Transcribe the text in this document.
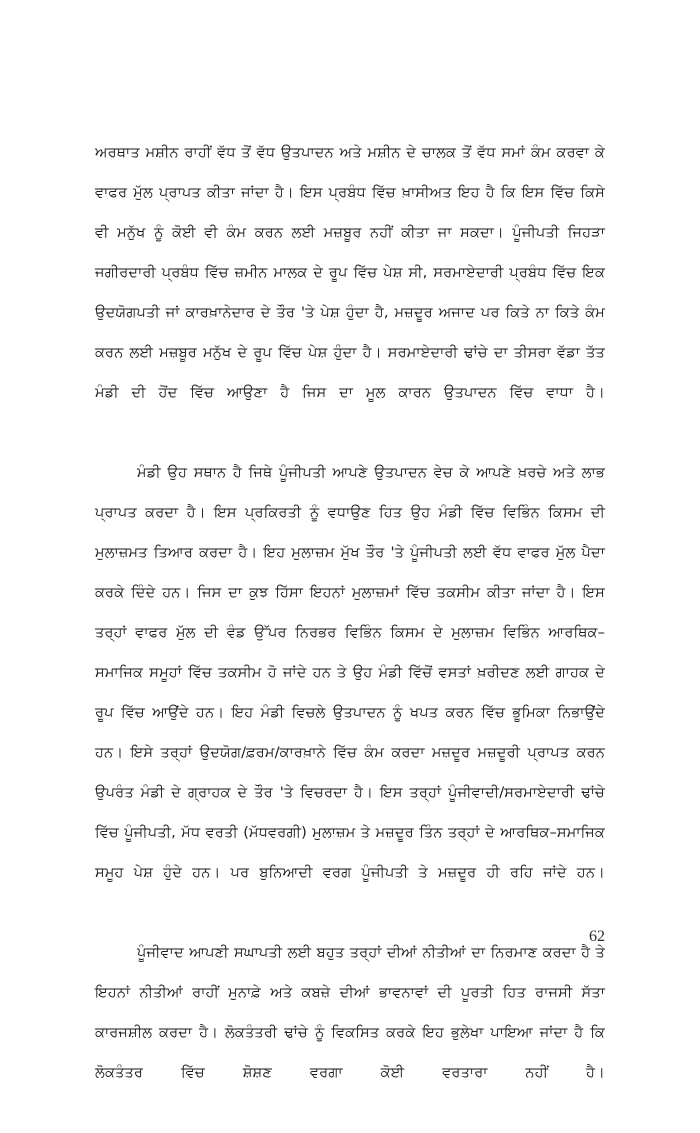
ਅਰਥਾਤ ਮਸ਼ੀਨ ਰਾਹੀਂ ਵੱਧ ਤੋਂ ਵੱਧ ਉਤਪਾਦਨ ਅਤੇ ਮਸ਼ੀਨ ਦੇ ਚਾਲਕ ਤੋਂ ਵੱਧ ਸਮਾਂ ਕੰਮ ਕਰਵਾ ਕੇ ਵਾਫਰ ਮੁੱਲ ਪ੍ਰਾਪਤ ਕੀਤਾ ਜਾਂਦਾ ਹੈ। ਇਸ ਪ੍ਰਬੰਧ ਵਿੱਚ ਖ਼ਾਸੀਅਤ ਇਹ ਹੈ ਕਿ ਇਸ ਵਿੱਚ ਕਿਸੇ ਵੀ ਮਨੁੱਖ ਨੂੰ ਕੋਈ ਵੀ ਕੰਮ ਕਰਨ ਲਈ ਮਜ਼ਬੂਰ ਨਹੀਂ ਕੀਤਾ ਜਾ ਸਕਦਾ। ਪੂੰਜੀਪਤੀ ਜਿਹੜਾ ਜਗੀਰਦਾਰੀ ਪ੍ਰਬੰਧ ਵਿੱਚ ਜ਼ਮੀਨ ਮਾਲਕ ਦੇ ਰੂਪ ਵਿੱਚ ਪੇਸ਼ ਸੀ, ਸਰਮਾਏਦਾਰੀ ਪ੍ਰਬੰਧ ਵਿੱਚ ਇਕ ਉਦਯੋਗਪਤੀ ਜਾਂ ਕਾਰਖ਼ਾਨੇਦਾਰ ਦੇ ਤੌਰ 'ਤੇ ਪੇਸ਼ ਹੁੰਦਾ ਹੈ, ਮਜ਼ਦੂਰ ਅਜਾਦ ਪਰ ਕਿਤੇ ਨਾ ਕਿਤੇ ਕੰਮ ਕਰਨ ਲਈ ਮਜ਼ਬੂਰ ਮਨੁੱਖ ਦੇ ਰੂਪ ਵਿੱਚ ਪੇਸ਼ ਹੁੰਦਾ ਹੈ। ਸਰਮਾਏਦਾਰੀ ਢਾਂਚੇ ਦਾ ਤੀਸਰਾ ਵੱਡਾ ਤੱਤ ਮੰਡੀ ਦੀ ਹੋਂਦ ਵਿੱਚ ਆਉਣਾ ਹੈ ਜਿਸ ਦਾ ਮੂਲ ਕਾਰਨ ਉਤਪਾਦਨ ਵਿੱਚ ਵਾਧਾ ਹੈ।

ਮੰਡੀ ਉਹ ਸਥਾਨ ਹੈ ਜਿਥੇ ਪੂੰਜੀਪਤੀ ਆਪਣੇ ਉਤਪਾਦਨ ਵੇਚ ਕੇ ਆਪਣੇ ਖ਼ਰਚੇ ਅਤੇ ਲਾਭ ਪ੍ਰਾਪਤ ਕਰਦਾ ਹੈ। ਇਸ ਪ੍ਰਕਿਰਤੀ ਨੂੰ ਵਧਾਉਣ ਹਿਤ ਉਹ ਮੰਡੀ ਵਿੱਚ ਵਿਭਿੰਨ ਕਿਸਮ ਦੀ ਮੁਲਾਜ਼ਮਤ ਤਿਆਰ ਕਰਦਾ ਹੈ। ਇਹ ਮੁਲਾਜ਼ਮ ਮੁੱਖ ਤੌਰ 'ਤੇ ਪੂੰਜੀਪਤੀ ਲਈ ਵੱਧ ਵਾਫਰ ਮੁੱਲ ਪੈਦਾ ਕਰਕੇ ਦਿੰਦੇ ਹਨ। ਜਿਸ ਦਾ ਕੁਝ ਹਿੱਸਾ ਇਹਨਾਂ ਮੁਲਾਜ਼ਮਾਂ ਵਿੱਚ ਤਕਸੀਮ ਕੀਤਾ ਜਾਂਦਾ ਹੈ। ਇਸ ਤਰ੍ਹਾਂ ਵਾਫਰ ਮੁੱਲ ਦੀ ਵੰਡ ਉੱਪਰ ਨਿਰਭਰ ਵਿਭਿੰਨ ਕਿਸਮ ਦੇ ਮੁਲਾਜ਼ਮ ਵਿਭਿੰਨ ਆਰਥਿਕ–ਸਮਾਜਿਕ ਸਮੂਹਾਂ ਵਿੱਚ ਤਕਸੀਮ ਹੋ ਜਾਂਦੇ ਹਨ ਤੇ ਉਹ ਮੰਡੀ ਵਿੱਚੋਂ ਵਸਤਾਂ ਖ਼ਰੀਦਣ ਲਈ ਗਾਹਕ ਦੇ ਰੂਪ ਵਿੱਚ ਆਉਂਦੇ ਹਨ। ਇਹ ਮੰਡੀ ਵਿਚਲੇ ਉਤਪਾਦਨ ਨੂੰ ਖਪਤ ਕਰਨ ਵਿੱਚ ਭੂਮਿਕਾ ਨਿਭਾਉਂਦੇ ਹਨ। ਇਸੇ ਤਰ੍ਹਾਂ ਉਦਯੋਗ/ਫ਼ਰਮ/ਕਾਰਖ਼ਾਨੇ ਵਿੱਚ ਕੰਮ ਕਰਦਾ ਮਜ਼ਦੂਰ ਮਜ਼ਦੂਰੀ ਪ੍ਰਾਪਤ ਕਰਨ ਉਪਰੰਤ ਮੰਡੀ ਦੇ ਗ੍ਰਾਹਕ ਦੇ ਤੌਰ 'ਤੇ ਵਿਚਰਦਾ ਹੈ। ਇਸ ਤਰ੍ਹਾਂ ਪੂੰਜੀਵਾਦੀ/ਸਰਮਾਏਦਾਰੀ ਢਾਂਚੇ ਵਿੱਚ ਪੂੰਜੀਪਤੀ, ਮੱਧ ਵਰਤੀ (ਮੱਧਵਰਗੀ) ਮੁਲਾਜ਼ਮ ਤੇ ਮਜ਼ਦੂਰ ਤਿੰਨ ਤਰ੍ਹਾਂ ਦੇ ਆਰਥਿਕ–ਸਮਾਜਿਕ ਸਮੂਹ ਪੇਸ਼ ਹੁੰਦੇ ਹਨ। ਪਰ ਬੁਨਿਆਦੀ ਵਰਗ ਪੂੰਜੀਪਤੀ ਤੇ ਮਜ਼ਦੂਰ ਹੀ ਰਹਿ ਜਾਂਦੇ ਹਨ।

ਪੂੰਜੀਵਾਦ ਆਪਣੀ ਸਘਾਪਤੀ ਲਈ ਬਹੁਤ ਤਰ੍ਹਾਂ ਦੀਆਂ ਨੀਤੀਆਂ ਦਾ ਨਿਰਮਾਣ ਕਰਦਾ ਹੈ ਤੇ ਇਹਨਾਂ ਨੀਤੀਆਂ ਰਾਹੀਂ ਮੁਨਾਫ਼ੇ ਅਤੇ ਕਬਜ਼ੇ ਦੀਆਂ ਭਾਵਨਾਵਾਂ ਦੀ ਪੂਰਤੀ ਹਿਤ ਰਾਜਸੀ ਸੱਤਾ ਕਾਰਜਸ਼ੀਲ ਕਰਦਾ ਹੈ। ਲੋਕਤੰਤਰੀ ਢਾਂਚੇ ਨੂੰ ਵਿਕਸਿਤ ਕਰਕੇ ਇਹ ਭੁਲੇਖਾ ਪਾਇਆ ਜਾਂਦਾ ਹੈ ਕਿ ਲੋਕਤੰਤਰ ਵਿੱਚ ਸ਼ੋਸ਼ਣ ਵਰਗਾ ਕੋਈ ਵਰਤਾਰਾ ਨਹੀਂ ਹੈ।

62
